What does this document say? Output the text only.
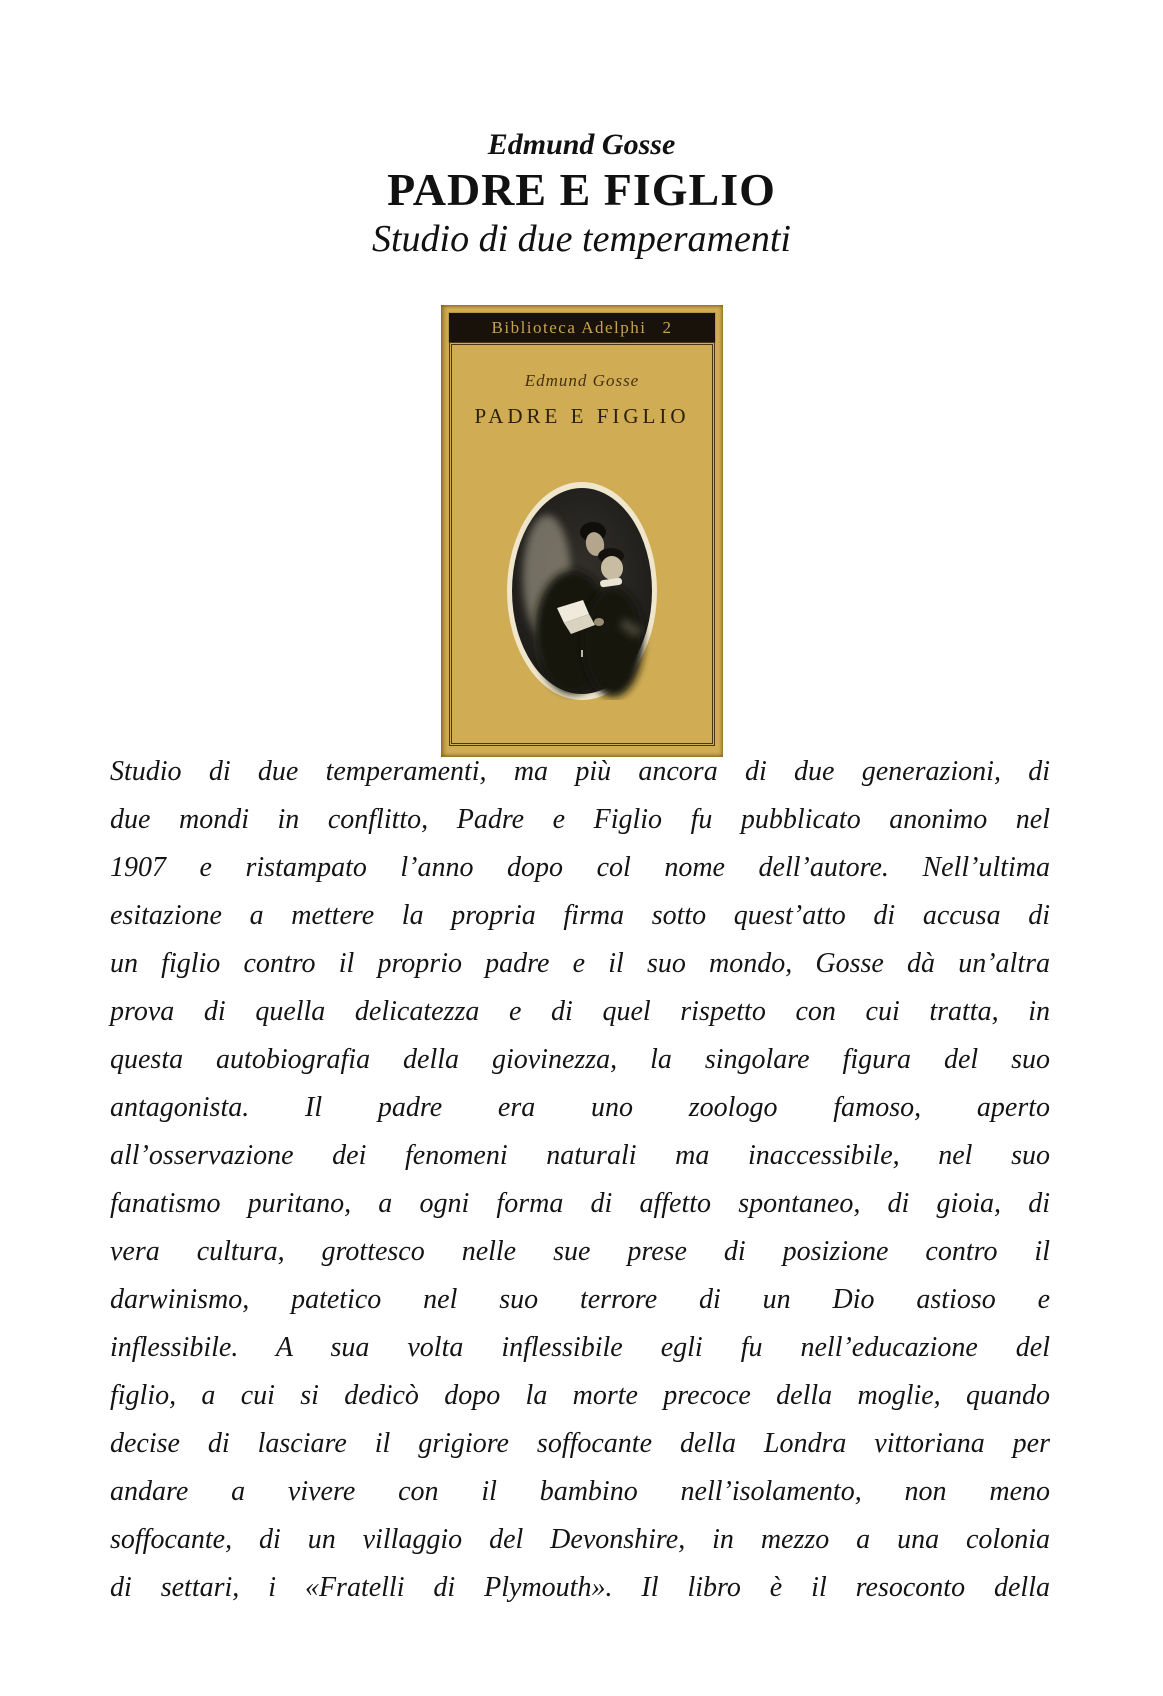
Edmund Gosse
PADRE E FIGLIO
Studio di due temperamenti
Biblioteca Adelphi 2
Edmund Gosse
PADRE E FIGLIO
Studio di due temperamenti, ma più ancora di due generazioni, di
due mondi in conflitto, Padre e Figlio fu pubblicato anonimo nel
1907 e ristampato l’anno dopo col nome dell’autore. Nell’ultima
esitazione a mettere la propria firma sotto quest’atto di accusa di
un figlio contro il proprio padre e il suo mondo, Gosse dà un’altra
prova di quella delicatezza e di quel rispetto con cui tratta, in
questa autobiografia della giovinezza, la singolare figura del suo
antagonista. Il padre era uno zoologo famoso, aperto
all’osservazione dei fenomeni naturali ma inaccessibile, nel suo
fanatismo puritano, a ogni forma di affetto spontaneo, di gioia, di
vera cultura, grottesco nelle sue prese di posizione contro il
darwinismo, patetico nel suo terrore di un Dio astioso e
inflessibile. A sua volta inflessibile egli fu nell’educazione del
figlio, a cui si dedicò dopo la morte precoce della moglie, quando
decise di lasciare il grigiore soffocante della Londra vittoriana per
andare a vivere con il bambino nell’isolamento, non meno
soffocante, di un villaggio del Devonshire, in mezzo a una colonia
di settari, i «Fratelli di Plymouth». Il libro è il resoconto della
